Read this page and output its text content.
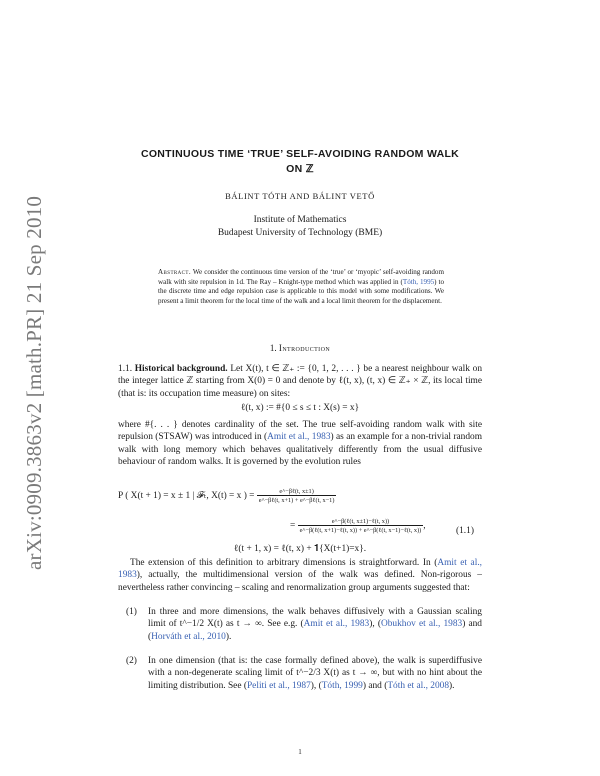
arXiv:0909.3863v2 [math.PR] 21 Sep 2010
CONTINUOUS TIME ‘TRUE’ SELF-AVOIDING RANDOM WALK
ON ℤ
BÁLINT TÓTH AND BÁLINT VETŐ
Institute of Mathematics
Budapest University of Technology (BME)
Abstract. We consider the continuous time version of the ‘true’ or ‘myopic’ self-avoiding random walk with site repulsion in 1d. The Ray – Knight-type method which was applied in (Tóth, 1995) to the discrete time and edge repulsion case is applicable to this model with some modifications. We present a limit theorem for the local time of the walk and a local limit theorem for the displacement.
1. Introduction
1.1. Historical background. Let X(t), t ∈ ℤ₊ := {0, 1, 2, . . . } be a nearest neighbour walk on the integer lattice ℤ starting from X(0) = 0 and denote by ℓ(t, x), (t, x) ∈ ℤ₊ × ℤ, its local time (that is: its occupation time measure) on sites:
ℓ(t, x) := #{0 ≤ s ≤ t : X(s) = x}
where #{. . . } denotes cardinality of the set. The true self-avoiding random walk with site repulsion (STSAW) was introduced in (Amit et al., 1983) as an example for a non-trivial random walk with long memory which behaves qualitatively differently from the usual diffusive behaviour of random walks. It is governed by the evolution rules
P ( X(t + 1) = x ± 1 | 𝓕ₜ, X(t) = x ) = $\frac{\text{e\textasciicircum{}−βℓ(t, x±1)}}{\text{e\textasciicircum{}−βℓ(t, x+1) + e\textasciicircum{}−βℓ(t, x−1)}}$
= $\frac{\text{e\textasciicircum{}−β(ℓ(t, x±1)−ℓ(t, x))}}{\text{e\textasciicircum{}−β(ℓ(t, x+1)−ℓ(t, x)) + e\textasciicircum{}−β(ℓ(t, x−1)−ℓ(t, x))}}$ ,	(1.1)
ℓ(t + 1, x) = ℓ(t, x) + 𝟏{X(t+1)=x}.
The extension of this definition to arbitrary dimensions is straightforward. In (Amit et al., 1983), actually, the multidimensional version of the walk was defined. Non-rigorous – nevertheless rather convincing – scaling and renormalization group arguments suggested that:
(1) In three and more dimensions, the walk behaves diffusively with a Gaussian scaling limit of t^−1/2 X(t) as t → ∞. See e.g. (Amit et al., 1983), (Obukhov et al., 1983) and (Horváth et al., 2010).
(2) In one dimension (that is: the case formally defined above), the walk is superdiffusive with a non-degenerate scaling limit of t^−2/3 X(t) as t → ∞, but with no hint about the limiting distribution. See (Peliti et al., 1987), (Tóth, 1999) and (Tóth et al., 2008).
1
